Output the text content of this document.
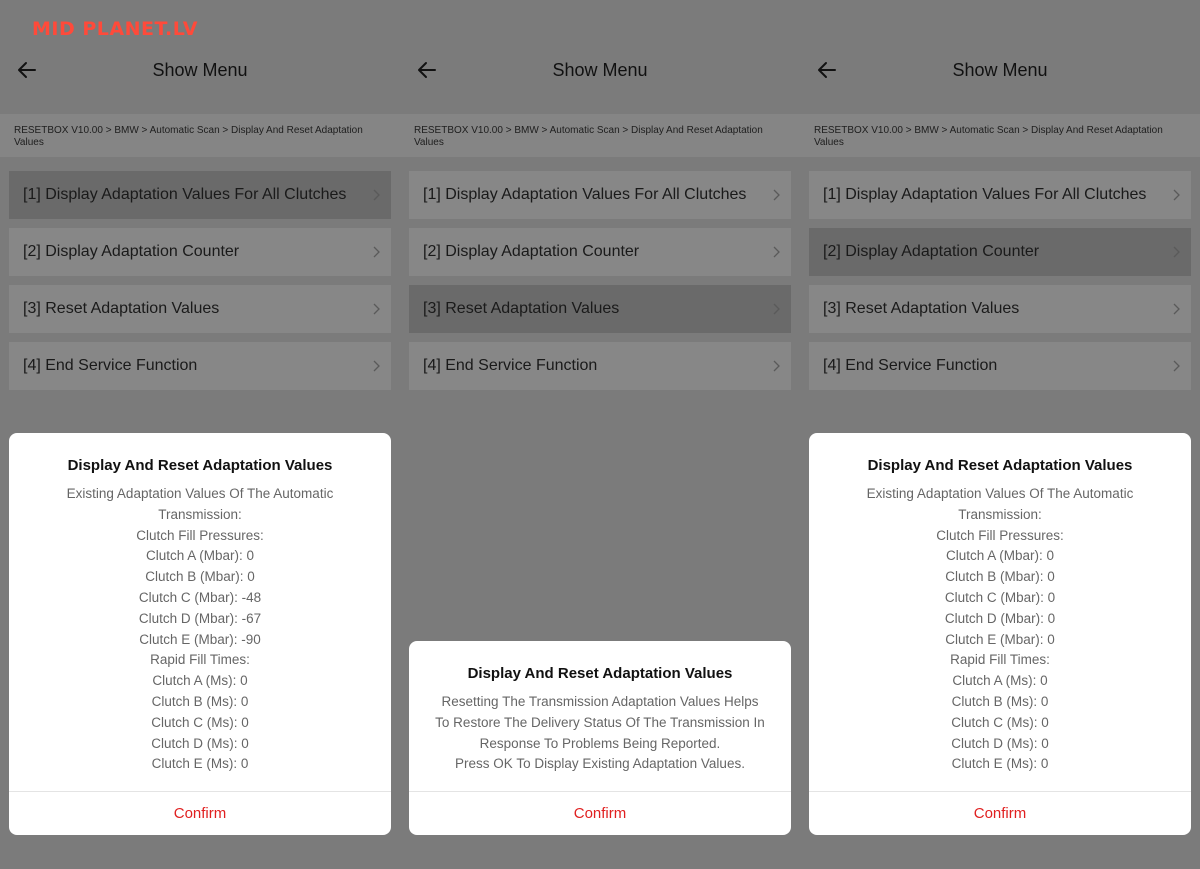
MID PLANET.LV
Show Menu
RESETBOX V10.00 > BMW > Automatic Scan > Display And Reset Adaptation Values
[1] Display Adaptation Values For All Clutches
[2] Display Adaptation Counter
[3] Reset Adaptation Values
[4] End Service Function
Display And Reset Adaptation Values
Existing Adaptation Values Of The Automatic
Transmission:
Clutch Fill Pressures:
Clutch A (Mbar): 0
Clutch B (Mbar): 0
Clutch C (Mbar): -48
Clutch D (Mbar): -67
Clutch E (Mbar): -90
Rapid Fill Times:
Clutch A (Ms): 0
Clutch B (Ms): 0
Clutch C (Ms): 0
Clutch D (Ms): 0
Clutch E (Ms): 0
Confirm
Show Menu
RESETBOX V10.00 > BMW > Automatic Scan > Display And Reset Adaptation Values
[1] Display Adaptation Values For All Clutches
[2] Display Adaptation Counter
[3] Reset Adaptation Values
[4] End Service Function
Display And Reset Adaptation Values
Resetting The Transmission Adaptation Values Helps
To Restore The Delivery Status Of The Transmission In
Response To Problems Being Reported.
Press OK To Display Existing Adaptation Values.
Confirm
Show Menu
RESETBOX V10.00 > BMW > Automatic Scan > Display And Reset Adaptation Values
[1] Display Adaptation Values For All Clutches
[2] Display Adaptation Counter
[3] Reset Adaptation Values
[4] End Service Function
Display And Reset Adaptation Values
Existing Adaptation Values Of The Automatic
Transmission:
Clutch Fill Pressures:
Clutch A (Mbar): 0
Clutch B (Mbar): 0
Clutch C (Mbar): 0
Clutch D (Mbar): 0
Clutch E (Mbar): 0
Rapid Fill Times:
Clutch A (Ms): 0
Clutch B (Ms): 0
Clutch C (Ms): 0
Clutch D (Ms): 0
Clutch E (Ms): 0
Confirm
